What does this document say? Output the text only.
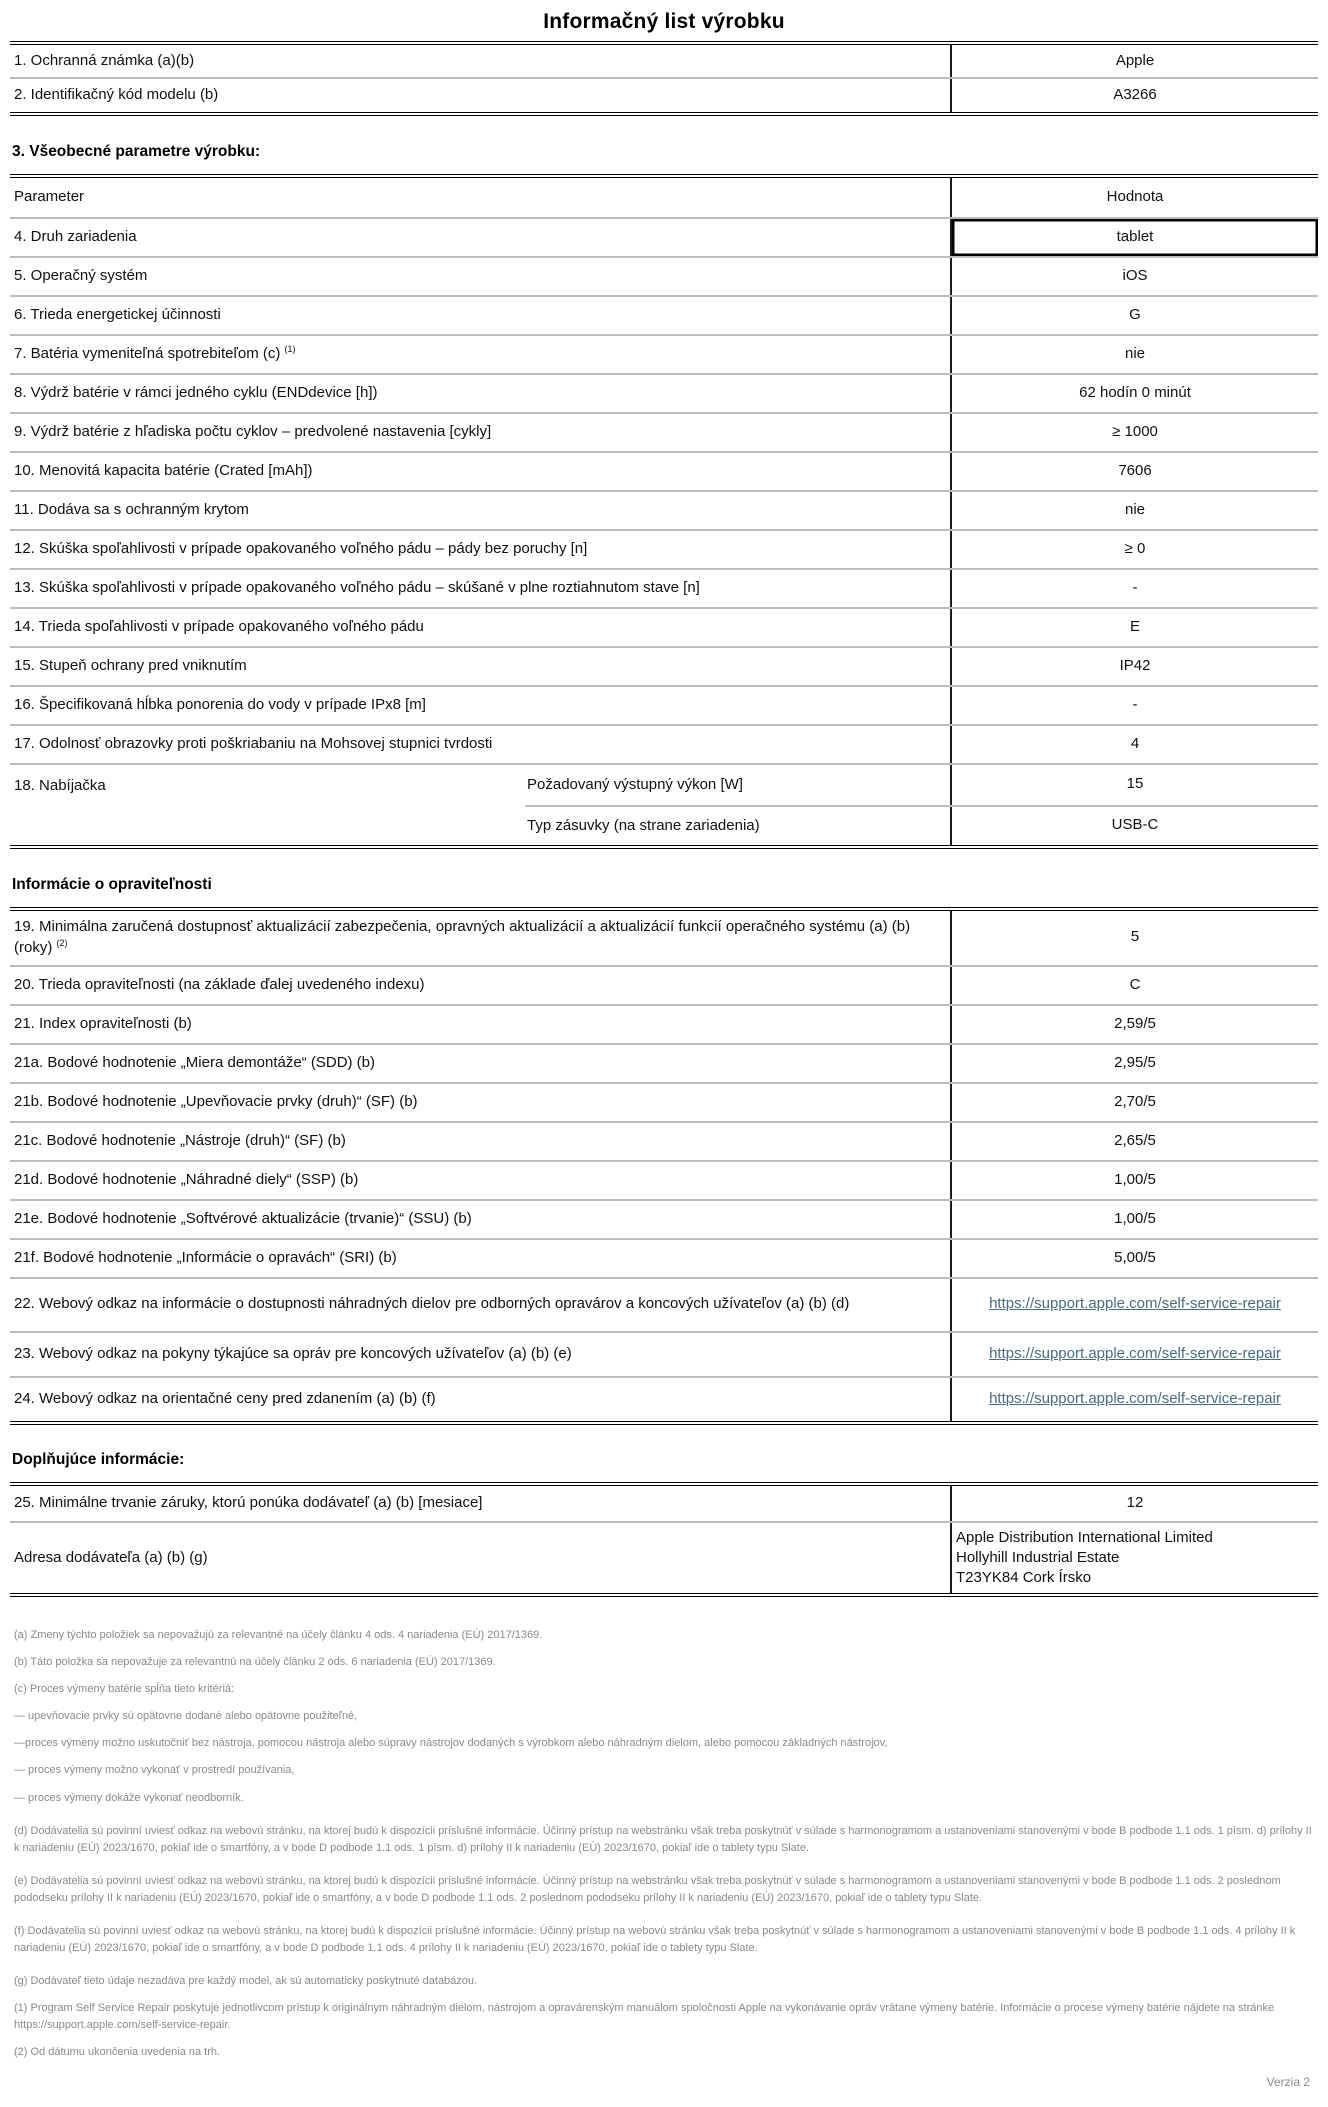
Informačný list výrobku
1. Ochranná známka (a)(b)	Apple
2. Identifikačný kód modelu (b)	A3266
3. Všeobecné parametre výrobku:
Parameter	Hodnota
4. Druh zariadenia	tablet
5. Operačný systém	iOS
6. Trieda energetickej účinnosti	G
7. Batéria vymeniteľná spotrebiteľom (c) $^{(1)}$	nie
8. Výdrž batérie v rámci jedného cyklu (ENDdevice [h])	62 hodín 0 minút
9. Výdrž batérie z hľadiska počtu cyklov – predvolené nastavenia [cykly]	≥ 1000
10. Menovitá kapacita batérie (Crated [mAh])	7606
11. Dodáva sa s ochranným krytom	nie
12. Skúška spoľahlivosti v prípade opakovaného voľného pádu – pády bez poruchy [n]	≥ 0
13. Skúška spoľahlivosti v prípade opakovaného voľného pádu – skúšané v plne roztiahnutom stave [n]	-
14. Trieda spoľahlivosti v prípade opakovaného voľného pádu	E
15. Stupeň ochrany pred vniknutím	IP42
16. Špecifikovaná hĺbka ponorenia do vody v prípade IPx8 [m]	-
17. Odolnosť obrazovky proti poškriabaniu na Mohsovej stupnici tvrdosti	4
18. Nabíjačka	Požadovaný výstupný výkon [W]	15
Typ zásuvky (na strane zariadenia)	USB-C
Informácie o opraviteľnosti
19. Minimálna zaručená dostupnosť aktualizácií zabezpečenia, opravných aktualizácií a aktualizácií funkcií operačného systému (a) (b) (roky) $^{(2)}$	5
20. Trieda opraviteľnosti (na základe ďalej uvedeného indexu)	C
21. Index opraviteľnosti (b)	2,59/5
21a. Bodové hodnotenie „Miera demontáže“ (SDD) (b)	2,95/5
21b. Bodové hodnotenie „Upevňovacie prvky (druh)“ (SF) (b)	2,70/5
21c. Bodové hodnotenie „Nástroje (druh)“ (SF) (b)	2,65/5
21d. Bodové hodnotenie „Náhradné diely“ (SSP) (b)	1,00/5
21e. Bodové hodnotenie „Softvérové aktualizácie (trvanie)“ (SSU) (b)	1,00/5
21f. Bodové hodnotenie „Informácie o opravách“ (SRI) (b)	5,00/5
22. Webový odkaz na informácie o dostupnosti náhradných dielov pre odborných opravárov a koncových užívateľov (a) (b) (d)	https://support.apple.com/self-service-repair
23. Webový odkaz na pokyny týkajúce sa opráv pre koncových užívateľov (a) (b) (e)	https://support.apple.com/self-service-repair
24. Webový odkaz na orientačné ceny pred zdanením (a) (b) (f)	https://support.apple.com/self-service-repair
Doplňujúce informácie:
25. Minimálne trvanie záruky, ktorú ponúka dodávateľ (a) (b) [mesiace]	12
Adresa dodávateľa (a) (b) (g)
Apple Distribution International Limited
Hollyhill Industrial Estate
T23YK84 Cork Írsko

(a) Zmeny týchto položiek sa nepovažujú za relevantné na účely článku 4 ods. 4 nariadenia (EÚ) 2017/1369.

(b) Táto položka sa nepovažuje za relevantnú na účely článku 2 ods. 6 nariadenia (EÚ) 2017/1369.

(c) Proces výmeny batérie spĺňa tieto kritériá:

— upevňovacie prvky sú opätovne dodané alebo opätovne použiteľné,

—proces výmeny možno uskutočniť bez nástroja, pomocou nástroja alebo súpravy nástrojov dodaných s výrobkom alebo náhradným dielom, alebo pomocou základných nástrojov,

— proces výmeny možno vykonať v prostredí používania,

— proces výmeny dokáže vykonať neodborník.

(d) Dodávatelia sú povinní uviesť odkaz na webovú stránku, na ktorej budú k dispozícii príslušné informácie. Účinný prístup na webstránku však treba poskytnúť v súlade s harmonogramom a ustanoveniami stanovenými v bode B podbode 1.1 ods. 1 písm. d) prílohy II k nariadeniu (EÚ) 2023/1670, pokiaľ ide o smartfóny, a v bode D podbode 1.1 ods. 1 písm. d) prílohy II k nariadeniu (EÚ) 2023/1670, pokiaľ ide o tablety typu Slate.

(e) Dodávatelia sú povinní uviesť odkaz na webovú stránku, na ktorej budú k dispozícii príslušné informácie. Účinný prístup na webstránku však treba poskytnúť v súlade s harmonogramom a ustanoveniami stanovenými v bode B podbode 1.1 ods. 2 poslednom pododseku prílohy II k nariadeniu (EÚ) 2023/1670, pokiaľ ide o smartfóny, a v bode D podbode 1.1 ods. 2 poslednom pododseku prílohy II k nariadeniu (EÚ) 2023/1670, pokiaľ ide o tablety typu Slate.

(f) Dodávatelia sú povinní uviesť odkaz na webovú stránku, na ktorej budú k dispozícii príslušné informácie. Účinný prístup na webovú stránku však treba poskytnúť v súlade s harmonogramom a ustanoveniami stanovenými v bode B podbode 1.1 ods. 4 prílohy II k nariadeniu (EÚ) 2023/1670, pokiaľ ide o smartfóny, a v bode D podbode 1.1 ods. 4 prílohy II k nariadeniu (EÚ) 2023/1670, pokiaľ ide o tablety typu Slate.

(g) Dodávateľ tieto údaje nezadáva pre každý model, ak sú automaticky poskytnuté databázou.

(1) Program Self Service Repair poskytuje jednotlivcom prístup k originálnym náhradným dielom, nástrojom a opravárenským manuálom spoločnosti Apple na vykonávanie opráv vrátane výmeny batérie. Informácie o procese výmeny batérie nájdete na stránke https://support.apple.com/self-service-repair.

(2) Od dátumu ukončenia uvedenia na trh.

Verzia 2
